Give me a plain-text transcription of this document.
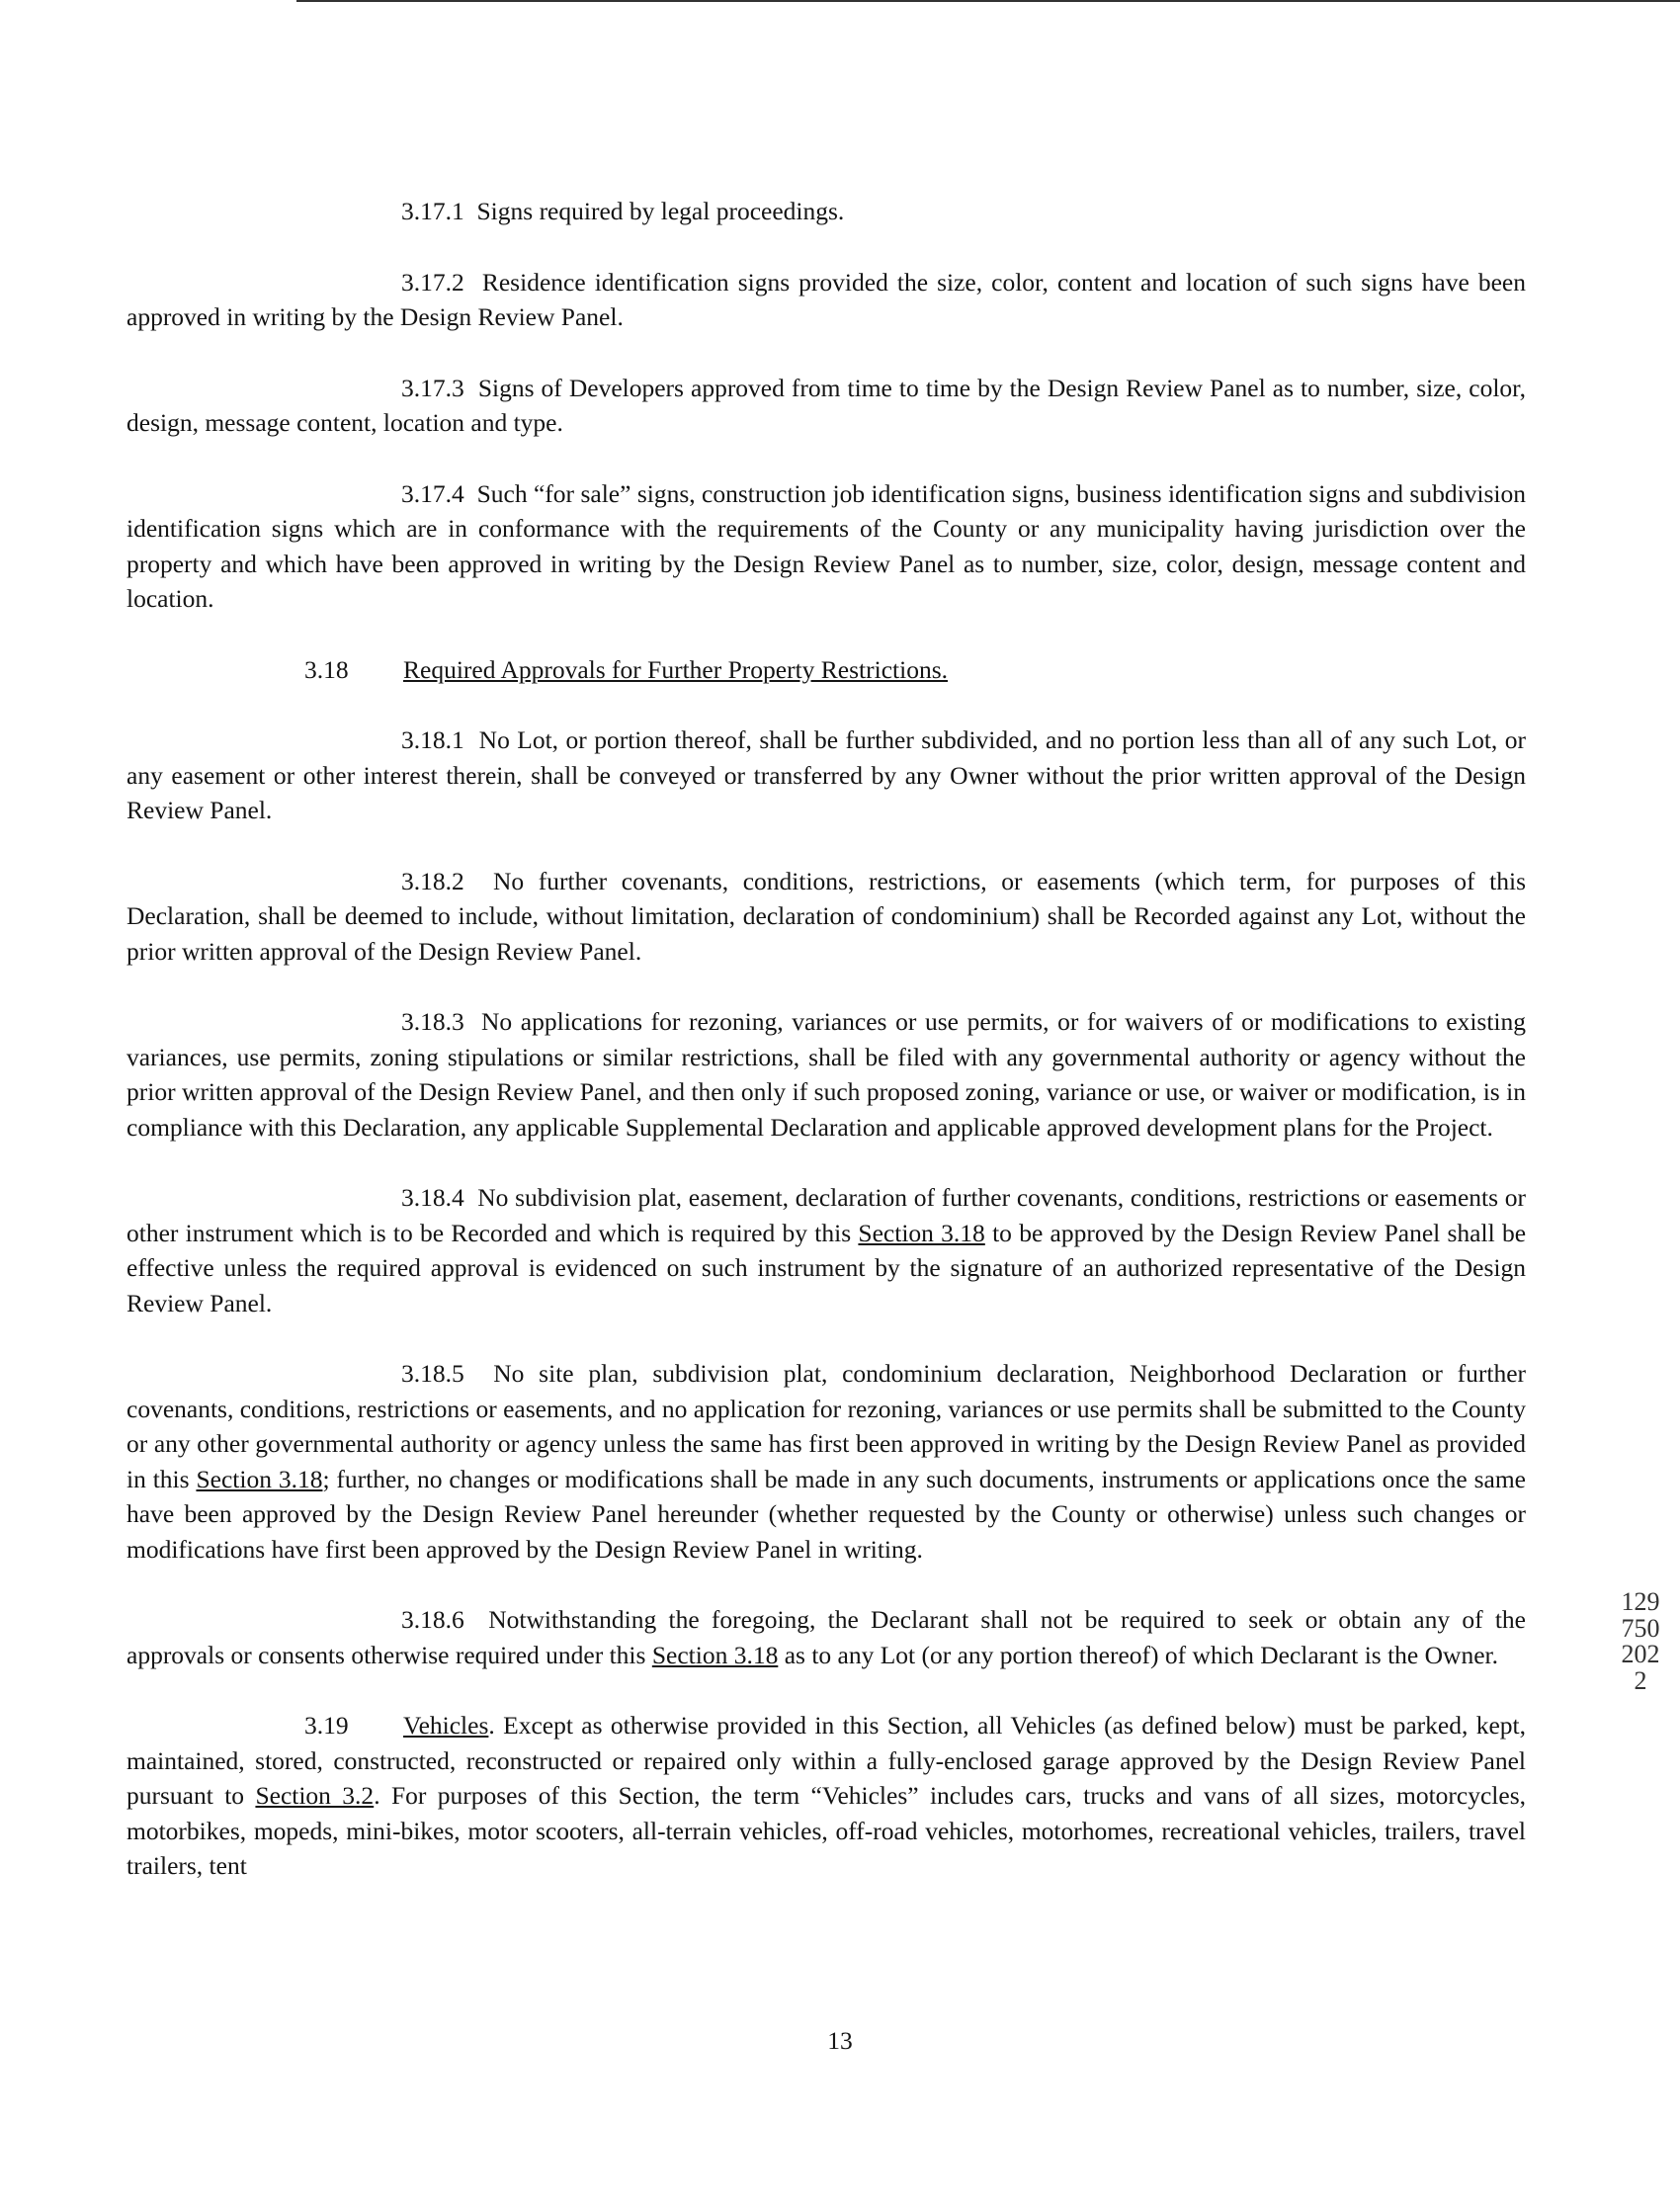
3.17.1 Signs required by legal proceedings.

3.17.2 Residence identification signs provided the size, color, content and location of such signs have been approved in writing by the Design Review Panel.

3.17.3 Signs of Developers approved from time to time by the Design Review Panel as to number, size, color, design, message content, location and type.

3.17.4 Such “for sale” signs, construction job identification signs, business identification signs and subdivision identification signs which are in conformance with the requirements of the County or any municipality having jurisdiction over the property and which have been approved in writing by the Design Review Panel as to number, size, color, design, message content and location.

3.18 Required Approvals for Further Property Restrictions.

3.18.1 No Lot, or portion thereof, shall be further subdivided, and no portion less than all of any such Lot, or any easement or other interest therein, shall be conveyed or transferred by any Owner without the prior written approval of the Design Review Panel.

3.18.2 No further covenants, conditions, restrictions, or easements (which term, for purposes of this Declaration, shall be deemed to include, without limitation, declaration of condominium) shall be Recorded against any Lot, without the prior written approval of the Design Review Panel.

3.18.3 No applications for rezoning, variances or use permits, or for waivers of or modifications to existing variances, use permits, zoning stipulations or similar restrictions, shall be filed with any governmental authority or agency without the prior written approval of the Design Review Panel, and then only if such proposed zoning, variance or use, or waiver or modification, is in compliance with this Declaration, any applicable Supplemental Declaration and applicable approved development plans for the Project.

3.18.4 No subdivision plat, easement, declaration of further covenants, conditions, restrictions or easements or other instrument which is to be Recorded and which is required by this Section 3.18 to be approved by the Design Review Panel shall be effective unless the required approval is evidenced on such instrument by the signature of an authorized representative of the Design Review Panel.

3.18.5 No site plan, subdivision plat, condominium declaration, Neighborhood Declaration or further covenants, conditions, restrictions or easements, and no application for rezoning, variances or use permits shall be submitted to the County or any other governmental authority or agency unless the same has first been approved in writing by the Design Review Panel as provided in this Section 3.18; further, no changes or modifications shall be made in any such documents, instruments or applications once the same have been approved by the Design Review Panel hereunder (whether requested by the County or otherwise) unless such changes or modifications have first been approved by the Design Review Panel in writing.

3.18.6 Notwithstanding the foregoing, the Declarant shall not be required to seek or obtain any of the approvals or consents otherwise required under this Section 3.18 as to any Lot (or any portion thereof) of which Declarant is the Owner.

3.19 Vehicles. Except as otherwise provided in this Section, all Vehicles (as defined below) must be parked, kept, maintained, stored, constructed, reconstructed or repaired only within a fully-enclosed garage approved by the Design Review Panel pursuant to Section 3.2. For purposes of this Section, the term “Vehicles” includes cars, trucks and vans of all sizes, motorcycles, motorbikes, mopeds, mini-bikes, motor scooters, all-terrain vehicles, off-road vehicles, motorhomes, recreational vehicles, trailers, travel trailers, tent

13
1297502022
